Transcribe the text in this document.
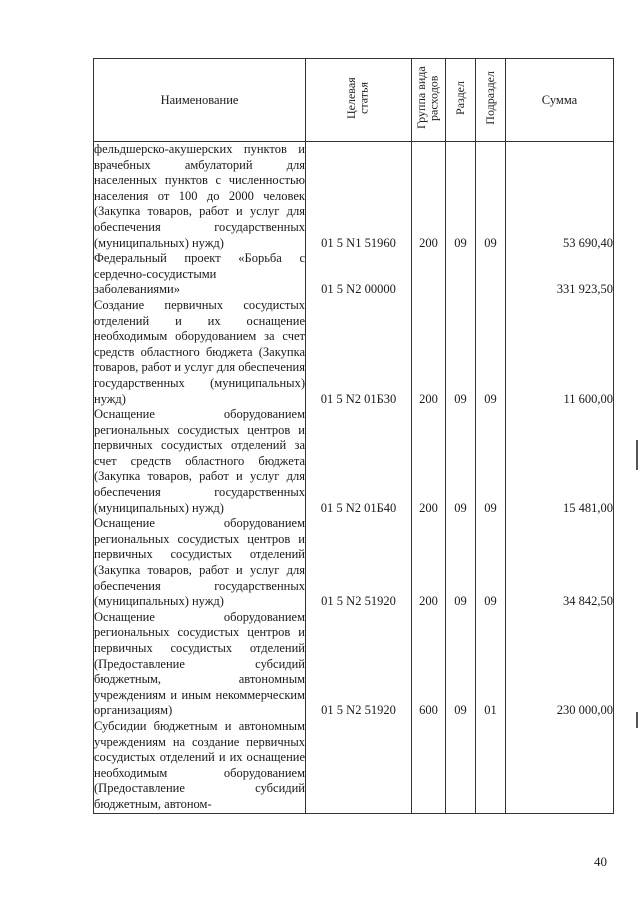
Наименование	Целевая статья	Группа вида расходов	Раздел	Подраздел	Сумма
фельдшерско-акушерских пунктов и врачебных амбулаторий для населенных пунктов с численностью населения от 100 до 2000 человек (Закупка товаров, работ и услуг для обеспечения государственных (муниципальных) нужд)	01 5 N1 51960	200	09	09	53 690,40
Федеральный проект «Борьба с сердечно-сосудистыми заболеваниями»	01 5 N2 00000				331 923,50
Создание первичных сосудистых отделений и их оснащение необходимым оборудованием за счет средств областного бюджета (Закупка товаров, работ и услуг для обеспечения государственных (муниципальных) нужд)	01 5 N2 01Б30	200	09	09	11 600,00
Оснащение оборудованием региональных сосудистых центров и первичных сосудистых отделений за счет средств областного бюджета (Закупка товаров, работ и услуг для обеспечения государственных (муниципальных) нужд)	01 5 N2 01Б40	200	09	09	15 481,00
Оснащение оборудованием региональных сосудистых центров и первичных сосудистых отделений (Закупка товаров, работ и услуг для обеспечения государственных (муниципальных) нужд)	01 5 N2 51920	200	09	09	34 842,50
Оснащение оборудованием региональных сосудистых центров и первичных сосудистых отделений (Предоставление субсидий бюджетным, автономным учреждениям и иным некоммерческим организациям)	01 5 N2 51920	600	09	01	230 000,00
Субсидии бюджетным и автономным учреждениям на создание первичных сосудистых отделений и их оснащение необходимым оборудованием (Предоставление субсидий бюджетным, автоном-					
40
